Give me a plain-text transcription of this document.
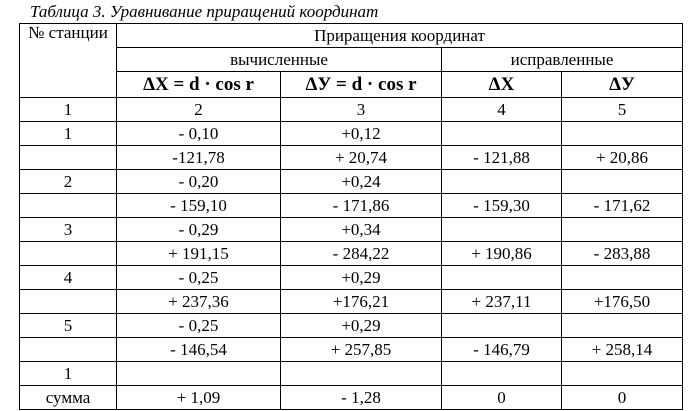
Таблица 3. Уравнивание приращений координат
№ станции	Приращения координат			
	вычисленные		исправленные	
	ΔX = d · cos r	ΔУ = d · cos r	ΔX	ΔУ
1	2	3	4	5
1	- 0,10	+0,12		
	-121,78	+ 20,74	- 121,88	+ 20,86
2	- 0,20	+0,24		
	- 159,10	- 171,86	- 159,30	- 171,62
3	- 0,29	+0,34		
	+ 191,15	- 284,22	+ 190,86	- 283,88
4	- 0,25	+0,29		
	+ 237,36	+176,21	+ 237,11	+176,50
5	- 0,25	+0,29		
	- 146,54	+ 257,85	- 146,79	+ 258,14
1				
сумма	+ 1,09	- 1,28	0	0
